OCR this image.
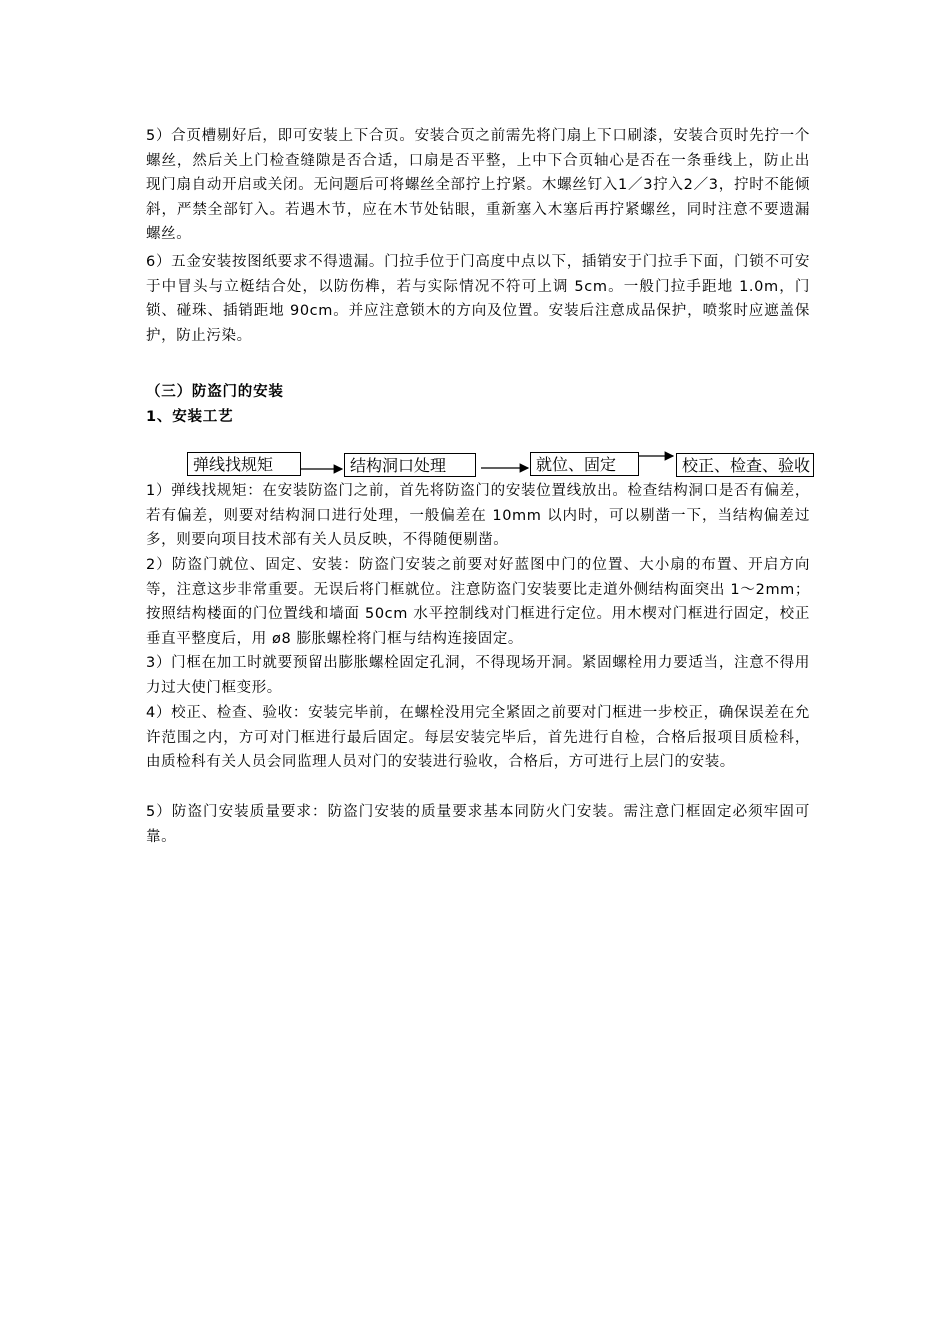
5）合页槽剔好后，即可安装上下合页。安装合页之前需先将门扇上下口刷漆，安装合页时先拧一个螺丝，然后关上门检查缝隙是否合适，口扇是否平整，上中下合页轴心是否在一条垂线上，防止出现门扇自动开启或关闭。无问题后可将螺丝全部拧上拧紧。木螺丝钉入1／3拧入2／3，拧时不能倾斜，严禁全部钉入。若遇木节，应在木节处钻眼，重新塞入木塞后再拧紧螺丝，同时注意不要遗漏螺丝。

6）五金安装按图纸要求不得遗漏。门拉手位于门高度中点以下，插销安于门拉手下面，门锁不可安于中冒头与立梃结合处，以防伤榫，若与实际情况不符可上调 5cm。一般门拉手距地 1.0m，门锁、碰珠、插销距地 90cm。并应注意锁木的方向及位置。安装后注意成品保护，喷浆时应遮盖保护，防止污染。

（三）防盗门的安装

1、安装工艺

弹线找规矩	结构洞口处理	就位、固定	校正、检查、验收

1）弹线找规矩：在安装防盗门之前，首先将防盗门的安装位置线放出。检查结构洞口是否有偏差，若有偏差，则要对结构洞口进行处理，一般偏差在 10mm 以内时，可以剔凿一下，当结构偏差过多，则要向项目技术部有关人员反映，不得随便剔凿。

2）防盗门就位、固定、安装：防盗门安装之前要对好蓝图中门的位置、大小扇的布置、开启方向等，注意这步非常重要。无误后将门框就位。注意防盗门安装要比走道外侧结构面突出 1～2mm；按照结构楼面的门位置线和墙面 50cm 水平控制线对门框进行定位。用木楔对门框进行固定，校正垂直平整度后，用 ø8 膨胀螺栓将门框与结构连接固定。

3）门框在加工时就要预留出膨胀螺栓固定孔洞，不得现场开洞。紧固螺栓用力要适当，注意不得用力过大使门框变形。

4）校正、检查、验收：安装完毕前，在螺栓没用完全紧固之前要对门框进一步校正，确保误差在允许范围之内，方可对门框进行最后固定。每层安装完毕后，首先进行自检，合格后报项目质检科，由质检科有关人员会同监理人员对门的安装进行验收，合格后，方可进行上层门的安装。

5）防盗门安装质量要求：防盗门安装的质量要求基本同防火门安装。需注意门框固定必须牢固可靠。
